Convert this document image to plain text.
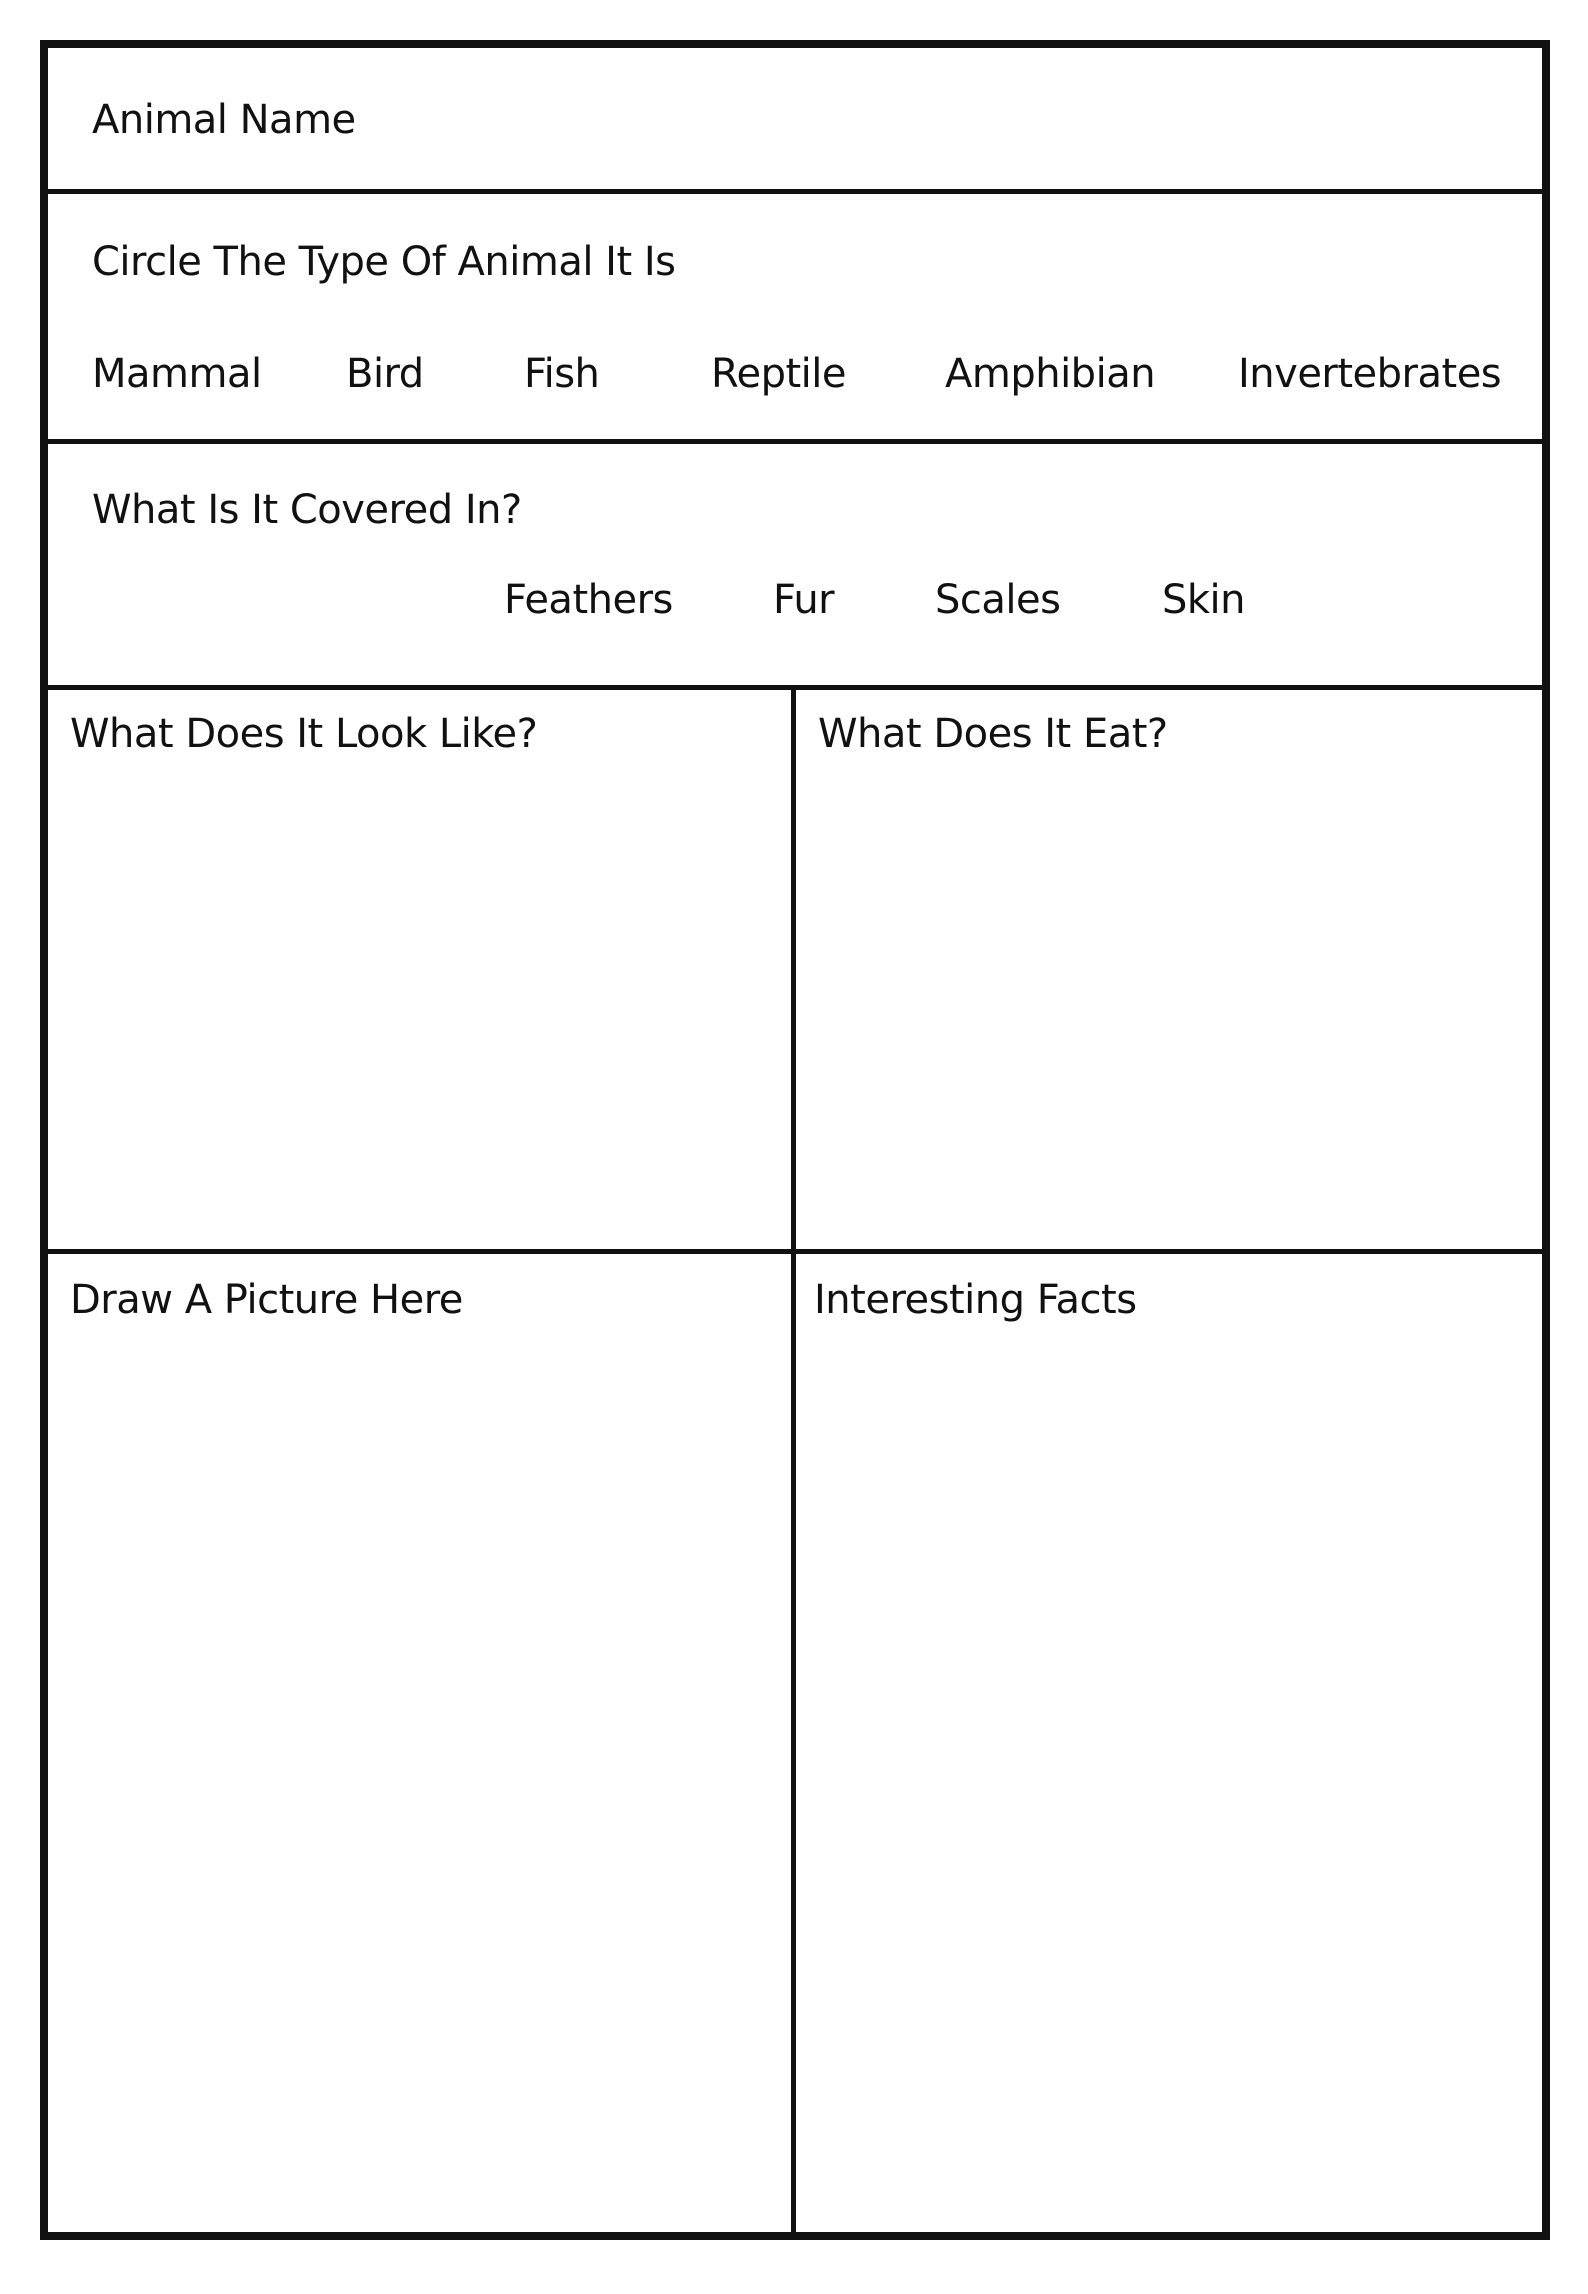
Animal Name
Circle The Type Of Animal It Is
Mammal Bird	Fish	Reptile Amphibian Invertebrates
What Is It Covered In?
Feathers	Fur	Scales	Skin
What Does It Look Like?	What Does It Eat?
Draw A Picture Here	Interesting Facts
